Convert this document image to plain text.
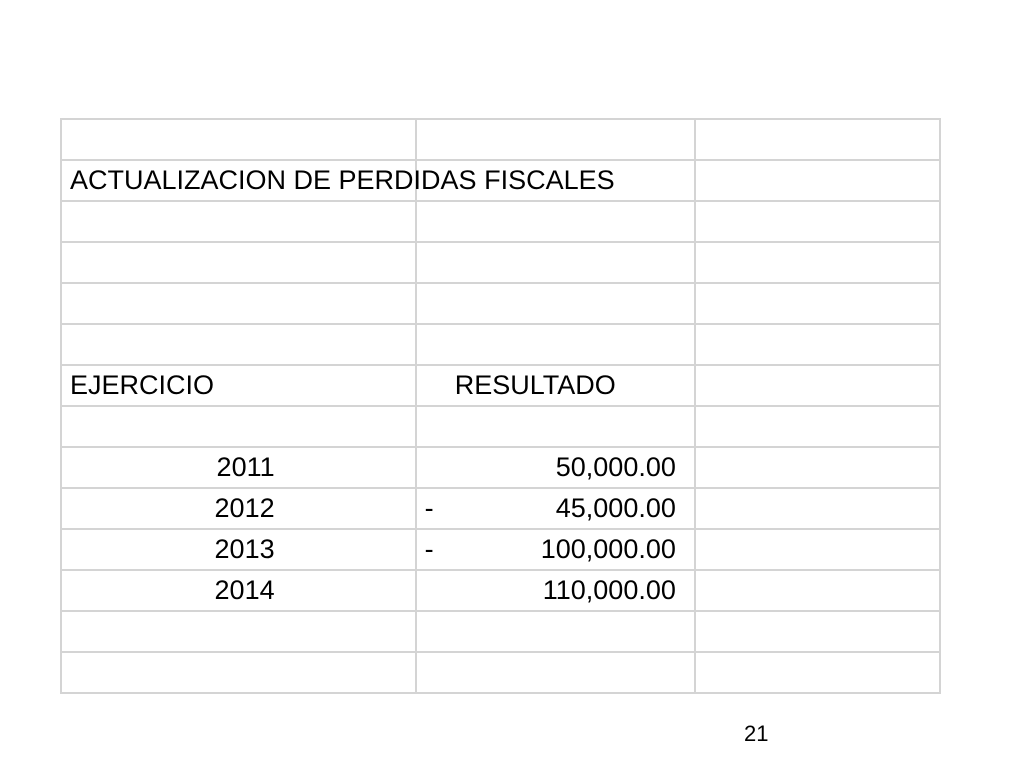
ACTUALIZACION DE PERDIDAS FISCALES		

EJERCICIO	RESULTADO	

2011	50,000.00	

2012	- 45,000.00	

2013	- 100,000.00	

2014	110,000.00	

21
